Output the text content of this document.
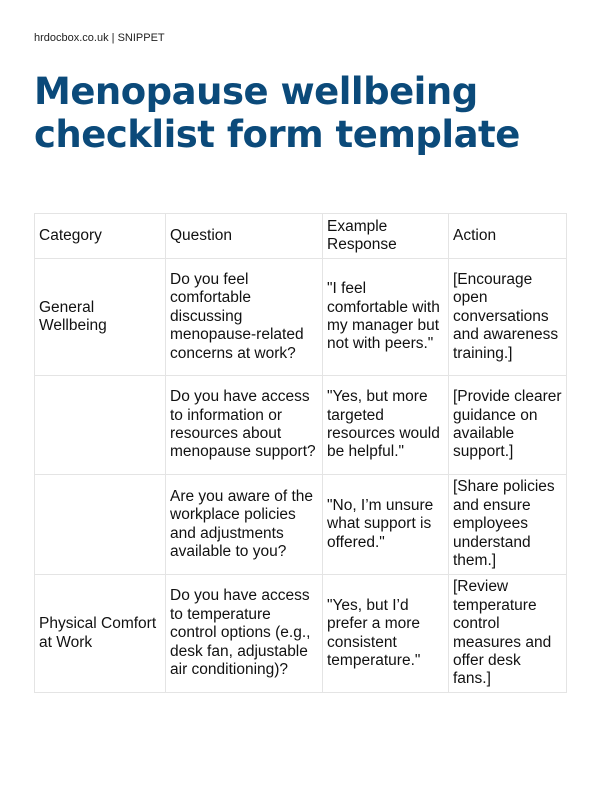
hrdocbox.co.uk | SNIPPET
Menopause wellbeing checklist form template
Category	Question	Example Response	Action
General Wellbeing	Do you feel comfortable discussing menopause-related concerns at work?	"I feel comfortable with my manager but not with peers."	[Encourage open conversations and awareness training.]
	Do you have access to information or resources about menopause support?	"Yes, but more targeted resources would be helpful."	[Provide clearer guidance on available support.]
	Are you aware of the workplace policies and adjustments available to you?	"No, I’m unsure what support is offered."	[Share policies and ensure employees understand them.]
Physical Comfort at Work	Do you have access to temperature control options (e.g., desk fan, adjustable air conditioning)?	"Yes, but I’d prefer a more consistent temperature."	[Review temperature control measures and offer desk fans.]
